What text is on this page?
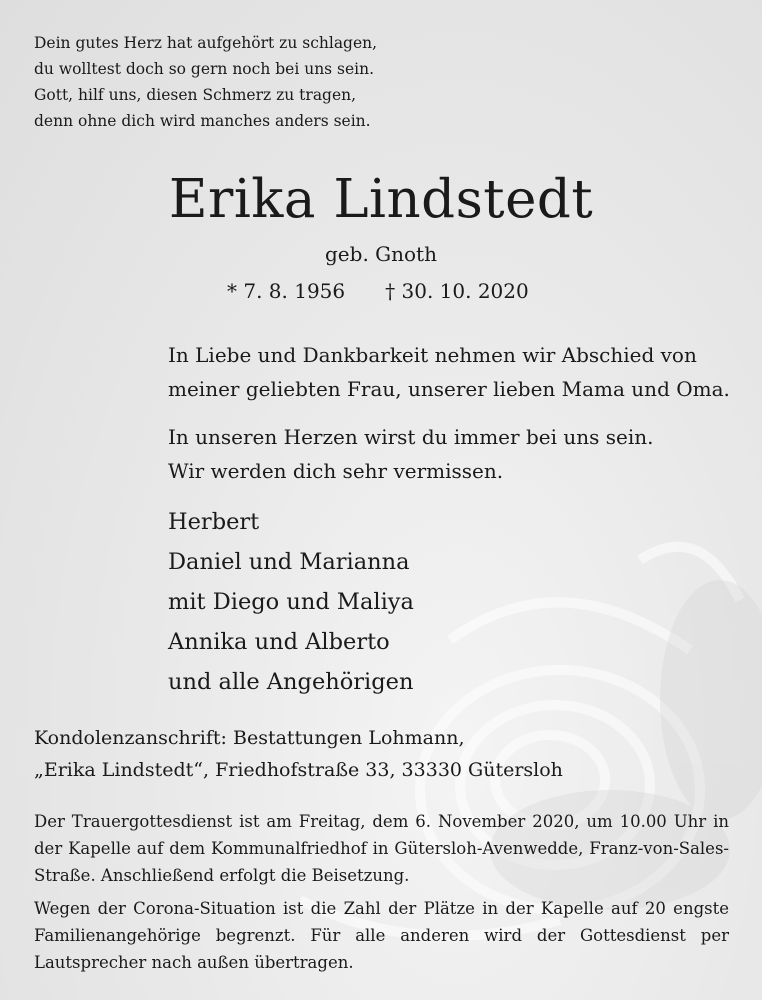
Dein gutes Herz hat aufgehört zu schlagen,
du wolltest doch so gern noch bei uns sein.
Gott, hilf uns, diesen Schmerz zu tragen,
denn ohne dich wird manches anders sein.
Erika Lindstedt
geb. Gnoth
* 7. 8. 1956 † 30. 10. 2020
In Liebe und Dankbarkeit nehmen wir Abschied von
meiner geliebten Frau, unserer lieben Mama und Oma.
In unseren Herzen wirst du immer bei uns sein.
Wir werden dich sehr vermissen.
Herbert
Daniel und Marianna
mit Diego und Maliya
Annika und Alberto
und alle Angehörigen
Kondolenzanschrift: Bestattungen Lohmann,
„Erika Lindstedt“, Friedhofstraße 33, 33330 Gütersloh

Der Trauergottesdienst ist am Freitag, dem 6. November 2020, um 10.00 Uhr in der Kapelle auf dem Kommunalfriedhof in Gütersloh-Avenwedde, Franz-von-Sales-Straße. Anschließend erfolgt die Beisetzung.

Wegen der Corona-Situation ist die Zahl der Plätze in der Kapelle auf 20 engste Familienangehörige begrenzt. Für alle anderen wird der Gottesdienst per Lautsprecher nach außen übertragen.
